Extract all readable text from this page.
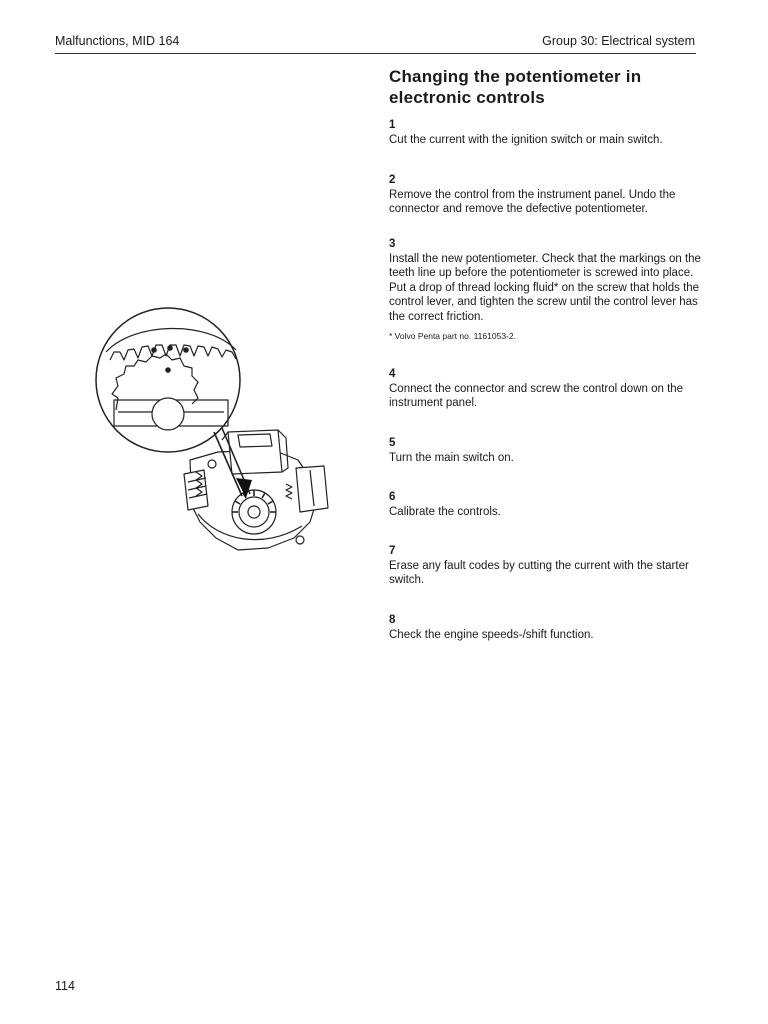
Malfunctions, MID 164	Group 30: Electrical system
Changing the potentiometer in electronic controls
1
Cut the current with the ignition switch or main switch.
2
Remove the control from the instrument panel. Undo the connector and remove the defective potentiometer.
3
Install the new potentiometer. Check that the markings on the teeth line up before the potentiometer is screwed into place. Put a drop of thread locking fluid* on the screw that holds the control lever, and tighten the screw until the control lever has the correct friction.
* Volvo Penta part no. 1161053-2.
4
Connect the connector and screw the control down on the instrument panel.
5
Turn the main switch on.
6
Calibrate the controls.
7
Erase any fault codes by cutting the current with the starter switch.
8
Check the engine speeds-/shift function.
114
